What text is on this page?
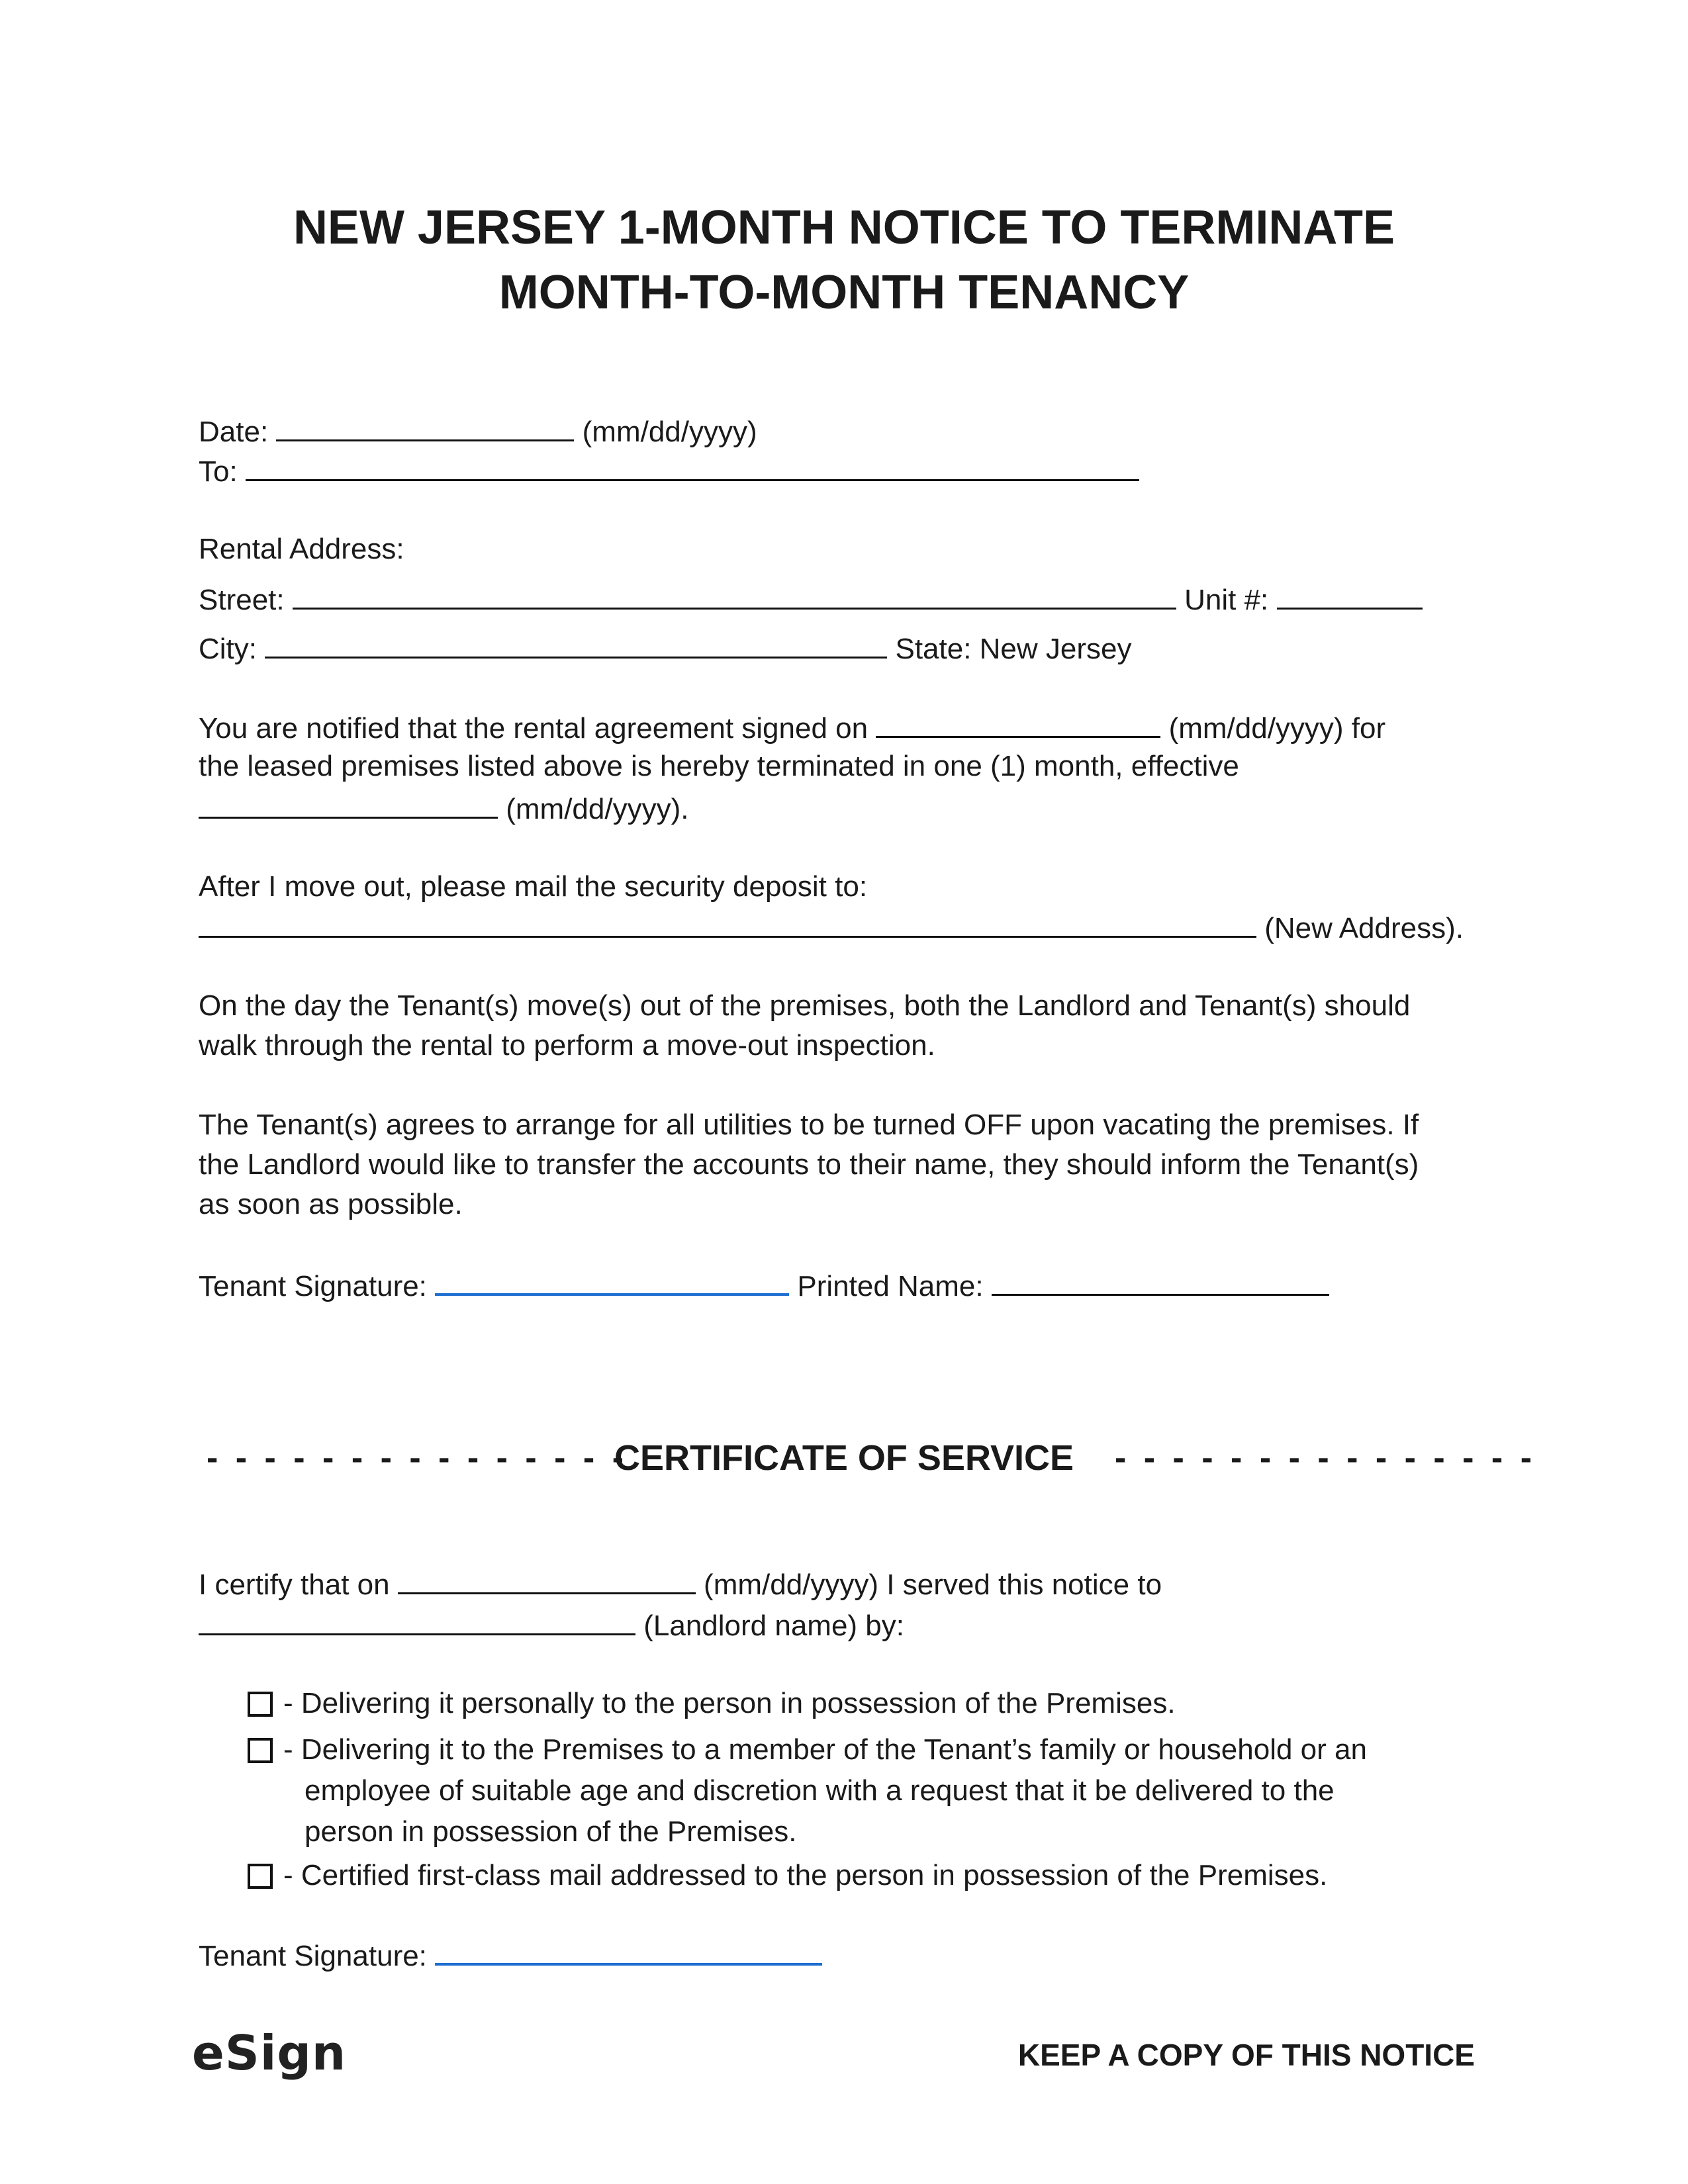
NEW JERSEY 1-MONTH NOTICE TO TERMINATE
MONTH-TO-MONTH TENANCY
Date:	(mm/dd/yyyy)
To:
Rental Address:
Street:	Unit #:
City:	State: New Jersey
You are notified that the rental agreement signed on	(mm/dd/yyyy) for
the leased premises listed above is hereby terminated in one (1) month, effective
(mm/dd/yyyy).
After I move out, please mail the security deposit to:
(New Address).
On the day the Tenant(s) move(s) out of the premises, both the Landlord and Tenant(s) should
walk through the rental to perform a move-out inspection.
The Tenant(s) agrees to arrange for all utilities to be turned OFF upon vacating the premises. If
the Landlord would like to transfer the accounts to their name, they should inform the Tenant(s)
as soon as possible.
Tenant Signature:	Printed Name:
- - - - - - - - - - - - - - -
CERTIFICATE OF SERVICE	- - - - - - - - - - - - - - -
I certify that on	(mm/dd/yyyy) I served this notice to
(Landlord name) by:
- Delivering it personally to the person in possession of the Premises.
- Delivering it to the Premises to a member of the Tenant’s family or household or an
employee of suitable age and discretion with a request that it be delivered to the
person in possession of the Premises.
- Certified first-class mail addressed to the person in possession of the Premises.
Tenant Signature:
eSign	KEEP A COPY OF THIS NOTICE
